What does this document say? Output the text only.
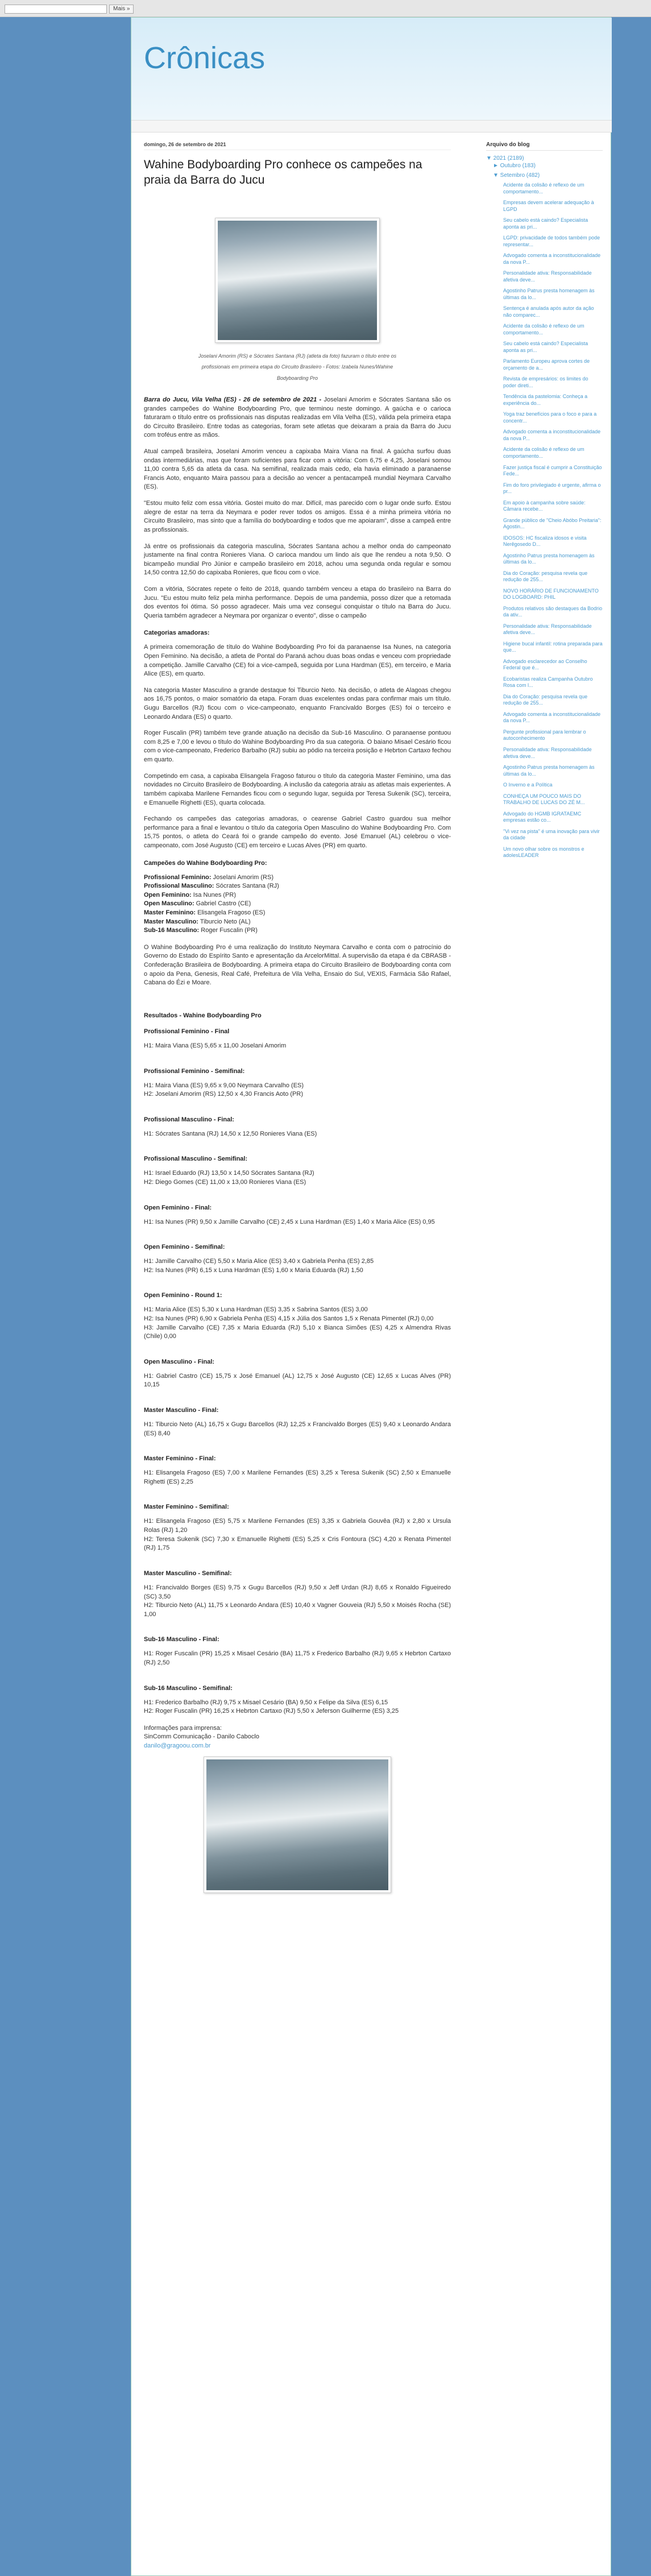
Mais »
Crônicas
domingo, 26 de setembro de 2021
Wahine Bodyboarding Pro conhece os campeões na praia da Barra do Jucu
Joselani Amorim (RS) e Sócrates Santana (RJ) (atleta da foto) fazuram o título entre os
profissionais em primeira etapa do Circuito Brasileiro - Fotos: Izabela Nunes/Wahine
Bodyboarding Pro

Barra do Jucu, Vila Velha (ES) - 26 de setembro de 2021 - Joselani Amorim e Sócrates Santana são os grandes campeões do Wahine Bodyboarding Pro, que terminou neste domingo. A gaúcha e o carioca faturaram o título entre os profissionais nas disputas realizadas em Vila Velha (ES), válida pela primeira etapa do Circuito Brasileiro. Entre todas as categorias, foram sete atletas que deixaram a praia da Barra do Jucu com troféus entre as mãos.

Atual campeã brasileira, Joselani Amorim venceu a capixaba Maira Viana na final. A gaúcha surfou duas ondas intermediárias, mas que foram suficientes para ficar com a vitória: Com 6,75 e 4,25, Joselani somou 11,00 contra 5,65 da atleta da casa. Na semifinal, realizada mais cedo, ela havia eliminado a paranaense Francis Aoto, enquanto Maira passou para a decisão ao vencer a pentacampeã mundial Neymara Carvalho (ES).

"Estou muito feliz com essa vitória. Gostei muito do mar. Difícil, mas parecido com o lugar onde surfo. Estou alegre de estar na terra da Neymara e poder rever todos os amigos. Essa é a minha primeira vitória no Circuito Brasileiro, mas sinto que a família do bodyboarding e todos que me apoiaram", disse a campeã entre as profissionais.

Já entre os profissionais da categoria masculina, Sócrates Santana achou a melhor onda do campeonato justamente na final contra Ronieres Viana. O carioca mandou um lindo aís que lhe rendeu a nota 9,50. O bicampeão mundial Pro Júnior e campeão brasileiro em 2018, achou uma segunda onda regular e somou 14,50 contra 12,50 do capixaba Ronieres, que ficou com o vice.

Com a vitória, Sócrates repete o feito de 2018, quando também venceu a etapa do brasileiro na Barra do Jucu. "Eu estou muito feliz pela minha performance. Depois de uma pandemia, posso dizer que a retomada dos eventos foi ótima. Só posso agradecer. Mais uma vez consegui conquistar o título na Barra do Jucu. Queria também agradecer a Neymara por organizar o evento", disse o campeão

Categorias amadoras:

A primeira comemoração de título do Wahine Bodyboarding Pro foi da paranaense Isa Nunes, na categoria Open Feminino. Na decisão, a atleta de Pontal do Paraná achou duas boas ondas e venceu com propriedade a competição. Jamille Carvalho (CE) foi a vice-campeã, seguida por Luna Hardman (ES), em terceiro, e Maria Alice (ES), em quarto.

Na categoria Master Masculino a grande destaque foi Tiburcio Neto. Na decisão, o atleta de Alagoas chegou aos 16,75 pontos, o maior somatório da etapa. Foram duas excelentes ondas para confirmar mais um título. Gugu Barcellos (RJ) ficou com o vice-campeonato, enquanto Francivaldo Borges (ES) foi o terceiro e Leonardo Andara (ES) o quarto.

Roger Fuscalin (PR) também teve grande atuação na decisão da Sub-16 Masculino. O paranaense pontuou com 8,25 e 7,00 e levou o título do Wahine Bodyboarding Pro da sua categoria. O baiano Misael Cesário ficou com o vice-campeonato, Frederico Barbalho (RJ) subiu ao pódio na terceira posição e Hebrton Cartaxo fechou em quarto.

Competindo em casa, a capixaba Elisangela Fragoso faturou o título da categoria Master Feminino, uma das novidades no Circuito Brasileiro de Bodyboarding. A inclusão da categoria atraiu as atletas mais experientes. A também capixaba Marilene Fernandes ficou com o segundo lugar, seguida por Teresa Sukenik (SC), terceira, e Emanuelle Righetti (ES), quarta colocada.

Fechando os campeões das categorias amadoras, o cearense Gabriel Castro guardou sua melhor performance para a final e levantou o título da categoria Open Masculino do Wahine Bodyboarding Pro. Com 15,75 pontos, o atleta do Ceará foi o grande campeão do evento. José Emanuel (AL) celebrou o vice-campeonato, com José Augusto (CE) em terceiro e Lucas Alves (PR) em quarto.

Campeões do Wahine Bodyboarding Pro:

Profissional Feminino: Joselani Amorim (RS)

Profissional Masculino: Sócrates Santana (RJ)

Open Feminino: Isa Nunes (PR)

Open Masculino: Gabriel Castro (CE)

Master Feminino: Elisangela Fragoso (ES)

Master Masculino: Tiburcio Neto (AL)

Sub-16 Masculino: Roger Fuscalin (PR)

O Wahine Bodyboarding Pro é uma realização do Instituto Neymara Carvalho e conta com o patrocínio do Governo do Estado do Espírito Santo e apresentação da ArcelorMittal. A supervisão da etapa é da CBRASB - Confederação Brasileira de Bodyboarding. A primeira etapa do Circuito Brasileiro de Bodyboarding conta com o apoio da Pena, Genesis, Real Café, Prefeitura de Vila Velha, Ensaio do Sul, VEXIS, Farmácia São Rafael, Cabana do Ézi e Moare.

Resultados - Wahine Bodyboarding Pro
Profissional Feminino - Final

H1: Maira Viana (ES) 5,65 x 11,00 Joselani Amorim

Profissional Feminino - Semifinal:

H1: Maira Viana (ES) 9,65 x 9,00 Neymara Carvalho (ES)

H2: Joselani Amorim (RS) 12,50 x 4,30 Francis Aoto (PR)

Profissional Masculino - Final:

H1: Sócrates Santana (RJ) 14,50 x 12,50 Ronieres Viana (ES)

Profissional Masculino - Semifinal:

H1: Israel Eduardo (RJ) 13,50 x 14,50 Sócrates Santana (RJ)

H2: Diego Gomes (CE) 11,00 x 13,00 Ronieres Viana (ES)

Open Feminino - Final:

H1: Isa Nunes (PR) 9,50 x Jamille Carvalho (CE) 2,45 x Luna Hardman (ES) 1,40 x Maria Alice (ES) 0,95

Open Feminino - Semifinal:

H1: Jamille Carvalho (CE) 5,50 x Maria Alice (ES) 3,40 x Gabriela Penha (ES) 2,85

H2: Isa Nunes (PR) 6,15 x Luna Hardman (ES) 1,60 x Maria Eduarda (RJ) 1,50

Open Feminino - Round 1:

H1: Maria Alice (ES) 5,30 x Luna Hardman (ES) 3,35 x Sabrina Santos (ES) 3,00

H2: Isa Nunes (PR) 6,90 x Gabriela Penha (ES) 4,15 x Júlia dos Santos 1,5 x Renata Pimentel (RJ) 0,00

H3: Jamille Carvalho (CE) 7,35 x Maria Eduarda (RJ) 5,10 x Bianca Simões (ES) 4,25 x Almendra Rivas (Chile) 0,00

Open Masculino - Final:

H1: Gabriel Castro (CE) 15,75 x José Emanuel (AL) 12,75 x José Augusto (CE) 12,65 x Lucas Alves (PR) 10,15

Master Masculino - Final:

H1: Tiburcio Neto (AL) 16,75 x Gugu Barcellos (RJ) 12,25 x Francivaldo Borges (ES) 9,40 x Leonardo Andara (ES) 8,40

Master Feminino - Final:

H1: Elisangela Fragoso (ES) 7,00 x Marilene Fernandes (ES) 3,25 x Teresa Sukenik (SC) 2,50 x Emanuelle Righetti (ES) 2,25

Master Feminino - Semifinal:

H1: Elisangela Fragoso (ES) 5,75 x Marilene Fernandes (ES) 3,35 x Gabriela Gouvêa (RJ) x 2,80 x Ursula Rolas (RJ) 1,20

H2: Teresa Sukenik (SC) 7,30 x Emanuelle Righetti (ES) 5,25 x Cris Fontoura (SC) 4,20 x Renata Pimentel (RJ) 1,75

Master Masculino - Semifinal:

H1: Francivaldo Borges (ES) 9,75 x Gugu Barcellos (RJ) 9,50 x Jeff Urdan (RJ) 8,65 x Ronaldo Figueiredo (SC) 3,50

H2: Tiburcio Neto (AL) 11,75 x Leonardo Andara (ES) 10,40 x Vagner Gouveia (RJ) 5,50 x Moisés Rocha (SE) 1,00

Sub-16 Masculino - Final:

H1: Roger Fuscalin (PR) 15,25 x Misael Cesário (BA) 11,75 x Frederico Barbalho (RJ) 9,65 x Hebrton Cartaxo (RJ) 2,50

Sub-16 Masculino - Semifinal:

H1: Frederico Barbalho (RJ) 9,75 x Misael Cesário (BA) 9,50 x Felipe da Silva (ES) 6,15

H2: Roger Fuscalin (PR) 16,25 x Hebrton Cartaxo (RJ) 5,50 x Jeferson Guilherme (ES) 3,25

Informações para imprensa:

SinComm Comunicação - Danilo Caboclo

danilo@gragoou.com.br

Arquivo do blog
▼ 2021 (2189)
► Outubro (183)
▼ Setembro (482)
Acidente da colisão é reflexo de um comportamento...
Empresas devem acelerar adequação à LGPD
Seu cabelo está caindo? Especialista aponta as pri...
LGPD: privacidade de todos também pode representar...
Advogado comenta a inconstitucionalidade da nova P...
Personalidade ativa: Responsabilidade afetiva deve...
Agostinho Patrus presta homenagem às últimas da lo...
Sentença é anulada após autor da ação não comparec...
Acidente da colisão é reflexo de um comportamento...
Seu cabelo está caindo? Especialista aponta as pri...
Parlamento Europeu aprova cortes de orçamento de a...
Revista de empresários: os limites do poder direti...
Tendência da pastelomia: Conheça a experiência do...
Yoga traz benefícios para o foco e para a concentr...
Advogado comenta a inconstitucionalidade da nova P...
Acidente da colisão é reflexo de um comportamento...
Fazer justiça fiscal é cumprir a Constituição Fede...
Fim do foro privilegiado é urgente, afirma o pr...
Em apoio à campanha sobre saúde: Câmara recebe...
Grande público de "Cheio Abóbo Preitaria": Agostin...
IDOSOS: HC fiscaliza idosos e visita Nerêgosedo D...
Agostinho Patrus presta homenagem às últimas da lo...
Dia do Coração: pesquisa revela que redução de 255...
NOVO HORÁRIO DE FUNCIONAMENTO DO LOGBOARD: PHIL
Produtos relativos são destaques da Bodrio da ativ...
Personalidade ativa: Responsabilidade afetiva deve...
Higiene bucal infantil: rotina preparada para que...
Advogado esclarecedor ao Conselho Federal que é...
Ecobaristas realiza Campanha Outubro Rosa com l...
Dia do Coração: pesquisa revela que redução de 255...
Advogado comenta a inconstitucionalidade da nova P...
Pergunte profissional para lembrar o autoconhecimento
Personalidade ativa: Responsabilidade afetiva deve...
Agostinho Patrus presta homenagem às últimas da lo...
O Inverno e a Política
CONHEÇA UM POUCO MAIS DO TRABALHO DE LUCAS DO ZÉ M...
Advogado do HGMB IGRATAEMC empresas estão co...
"Vi vez na pista" é uma inovação para vivir da cidade
Um novo olhar sobre os monstros e adolesLEADER
